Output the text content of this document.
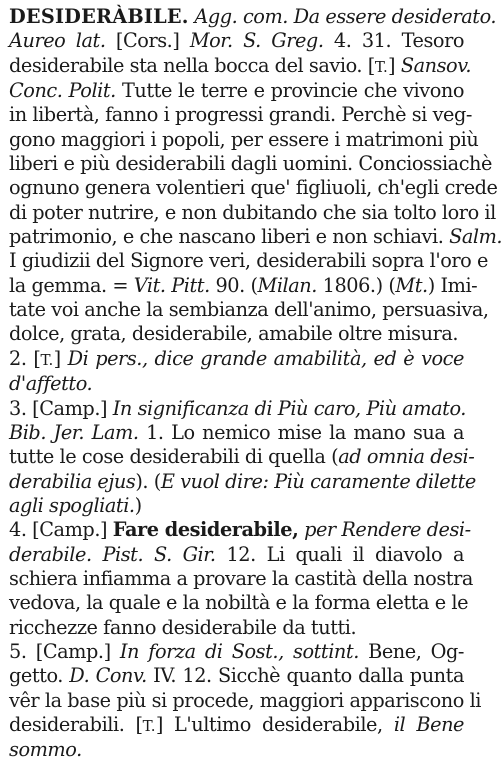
DESIDERÀBILE. Agg. com. Da essere desiderato.
Aureo lat. [Cors.] Mor. S. Greg. 4. 31. Tesoro
desiderabile sta nella bocca del savio. [T.] Sansov.
Conc. Polit. Tutte le terre e provincie che vivono
in libertà, fanno i progressi grandi. Perchè si veg-
gono maggiori i popoli, per essere i matrimoni più
liberi e più desiderabili dagli uomini. Conciossiachè
ognuno genera volentieri que' figliuoli, ch'egli crede
di poter nutrire, e non dubitando che sia tolto loro il
patrimonio, e che nascano liberi e non schiavi. Salm.
I giudizii del Signore veri, desiderabili sopra l'oro e
la gemma. = Vit. Pitt. 90. (Milan. 1806.) (Mt.) Imi-
tate voi anche la sembianza dell'animo, persuasiva,
dolce, grata, desiderabile, amabile oltre misura.
2. [T.] Di pers., dice grande amabilità, ed è voce
d'affetto.
3. [Camp.] In significanza di Più caro, Più amato.
Bib. Jer. Lam. 1. Lo nemico mise la mano sua a
tutte le cose desiderabili di quella (ad omnia desi-
derabilia ejus). (E vuol dire: Più caramente dilette
agli spogliati.)
4. [Camp.] Fare desiderabile, per Rendere desi-
derabile. Pist. S. Gir. 12. Li quali il diavolo a
schiera infiamma a provare la castità della nostra
vedova, la quale e la nobiltà e la forma eletta e le
ricchezze fanno desiderabile da tutti.
5. [Camp.] In forza di Sost., sottint. Bene, Og-
getto. D. Conv. IV. 12. Sicchè quanto dalla punta
vêr la base più si procede, maggiori appariscono li
desiderabili. [T.] L'ultimo desiderabile, il Bene
sommo.
